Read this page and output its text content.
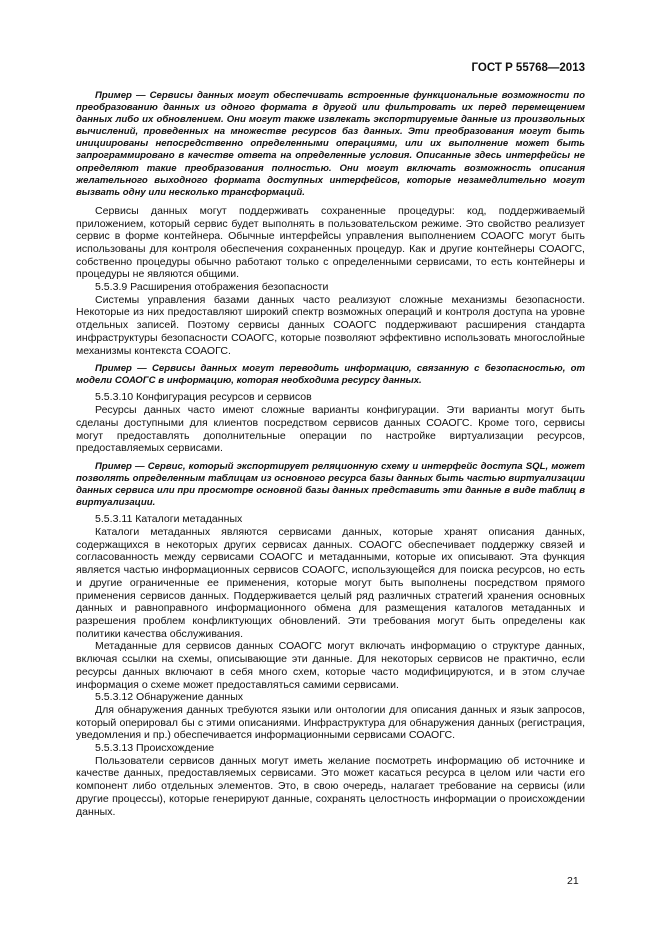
ГОСТ Р 55768—2013

Пример — Сервисы данных могут обеспечивать встроенные функциональные возможности по преобразованию данных из одного формата в другой или фильтровать их перед перемещением данных либо их обновлением. Они могут также извлекать экспортируемые данные из произвольных вычислений, проведенных на множестве ресурсов баз данных. Эти преобразования могут быть инициированы непосредственно определенными операциями, или их выполнение может быть запрограммировано в качестве ответа на определенные условия. Описанные здесь интерфейсы не определяют такие преобразования полностью. Они могут включать возможность описания желательного выходного формата доступных интерфейсов, которые незамедлительно могут вызвать одну или несколько трансформаций.

Сервисы данных могут поддерживать сохраненные процедуры: код, поддерживаемый приложением, который сервис будет выполнять в пользовательском режиме. Это свойство реализует сервис в форме контейнера. Обычные интерфейсы управления выполнением СОАОГС могут быть использованы для контроля обеспечения сохраненных процедур. Как и другие контейнеры СОАОГС, собственно процедуры обычно работают только с определенными сервисами, то есть контейнеры и процедуры не являются общими.

5.5.3.9 Расширения отображения безопасности

Системы управления базами данных часто реализуют сложные механизмы безопасности. Некоторые из них предоставляют широкий спектр возможных операций и контроля доступа на уровне отдельных записей. Поэтому сервисы данных СОАОГС поддерживают расширения стандарта инфраструктуры безопасности СОАОГС, которые позволяют эффективно использовать многослойные механизмы контекста СОАОГС.

Пример — Сервисы данных могут переводить информацию, связанную с безопасностью, от модели СОАОГС в информацию, которая необходима ресурсу данных.

5.5.3.10 Конфигурация ресурсов и сервисов

Ресурсы данных часто имеют сложные варианты конфигурации. Эти варианты могут быть сделаны доступными для клиентов посредством сервисов данных СОАОГС. Кроме того, сервисы могут предоставлять дополнительные операции по настройке виртуализации ресурсов, предоставляемых сервисами.

Пример — Сервис, который экспортирует реляционную схему и интерфейс доступа SQL, может позволять определенным таблицам из основного ресурса базы данных быть частью виртуализации данных сервиса или при просмотре основной базы данных представить эти данные в виде таблиц в виртуализации.

5.5.3.11 Каталоги метаданных

Каталоги метаданных являются сервисами данных, которые хранят описания данных, содержащихся в некоторых других сервисах данных. СОАОГС обеспечивает поддержку связей и согласованность между сервисами СОАОГС и метаданными, которые их описывают. Эта функция является частью информационных сервисов СОАОГС, использующейся для поиска ресурсов, но есть и другие ограниченные ее применения, которые могут быть выполнены посредством прямого применения сервисов данных. Поддерживается целый ряд различных стратегий хранения основных данных и равноправного информационного обмена для размещения каталогов метаданных и разрешения проблем конфликтующих обновлений. Эти требования могут быть определены как политики качества обслуживания.

Метаданные для сервисов данных СОАОГС могут включать информацию о структуре данных, включая ссылки на схемы, описывающие эти данные. Для некоторых сервисов не практично, если ресурсы данных включают в себя много схем, которые часто модифицируются, и в этом случае информация о схеме может предоставляться самими сервисами.

5.5.3.12 Обнаружение данных

Для обнаружения данных требуются языки или онтологии для описания данных и язык запросов, который оперировал бы с этими описаниями. Инфраструктура для обнаружения данных (регистрация, уведомления и пр.) обеспечивается информационными сервисами СОАОГС.

5.5.3.13 Происхождение

Пользователи сервисов данных могут иметь желание посмотреть информацию об источнике и качестве данных, предоставляемых сервисами. Это может касаться ресурса в целом или части его компонент либо отдельных элементов. Это, в свою очередь, налагает требование на сервисы (или другие процессы), которые генерируют данные, сохранять целостность информации о происхождении данных.

21
